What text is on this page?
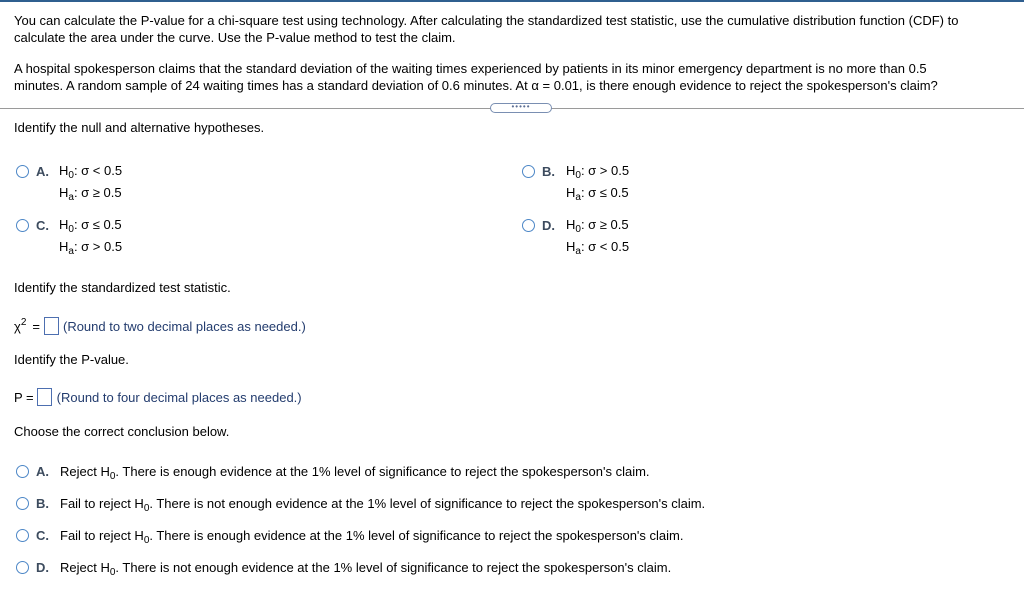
You can calculate the P-value for a chi-square test using technology. After calculating the standardized test statistic, use the cumulative distribution function (CDF) to
calculate the area under the curve. Use the P-value method to test the claim.
A hospital spokesperson claims that the standard deviation of the waiting times experienced by patients in its minor emergency department is no more than 0.5
minutes. A random sample of 24 waiting times has a standard deviation of 0.6 minutes. At α = 0.01, is there enough evidence to reject the spokesperson's claim?
•••••
Identify the null and alternative hypotheses.
A. $H_0$: σ < 0.5
$H_a$: σ ≥ 0.5
B. $H_0$: σ > 0.5
$H_a$: σ ≤ 0.5
C. $H_0$: σ ≤ 0.5
$H_a$: σ > 0.5
D. $H_0$: σ ≥ 0.5
$H_a$: σ < 0.5
Identify the standardized test statistic.
$\chi^2$ = (Round to two decimal places as needed.)
Identify the P-value.
P = (Round to four decimal places as needed.)
Choose the correct conclusion below.
A. Reject $H_0$. There is enough evidence at the 1% level of significance to reject the spokesperson's claim.
B. Fail to reject $H_0$. There is not enough evidence at the 1% level of significance to reject the spokesperson's claim.
C. Fail to reject $H_0$. There is enough evidence at the 1% level of significance to reject the spokesperson's claim.
D. Reject $H_0$. There is not enough evidence at the 1% level of significance to reject the spokesperson's claim.
